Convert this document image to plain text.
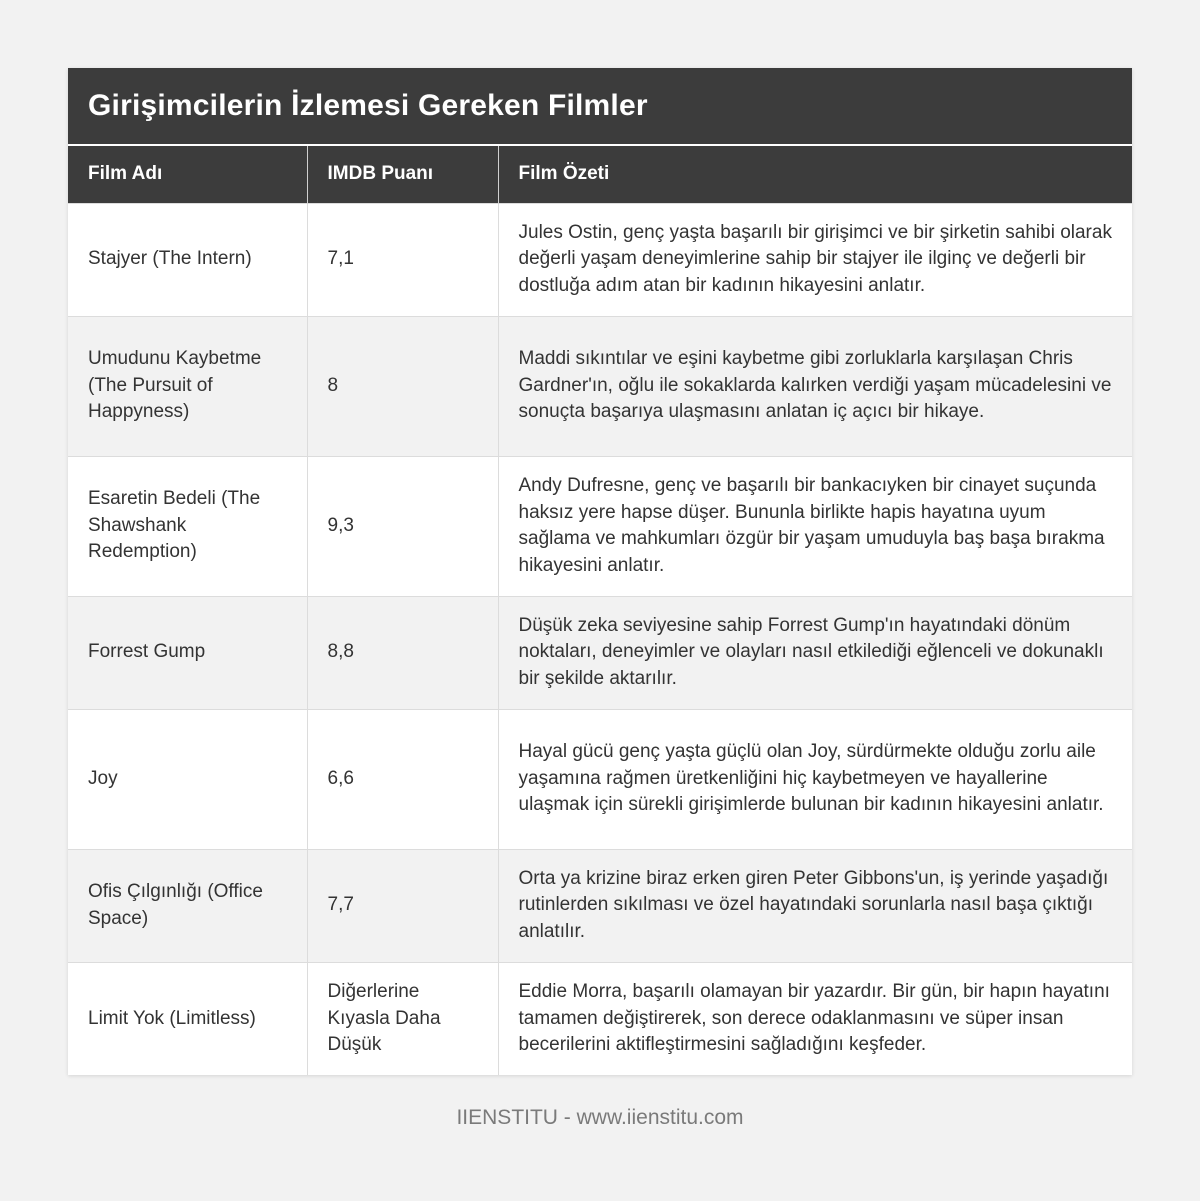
Girişimcilerin İzlemesi Gereken Filmler
Film Adı	IMDB Puanı	Film Özeti
Stajyer (The Intern)	7,1	Jules Ostin, genç yaşta başarılı bir girişimci ve bir şirketin sahibi olarak değerli yaşam deneyimlerine sahip bir stajyer ile ilginç ve değerli bir dostluğa adım atan bir kadının hikayesini anlatır.
Umudunu Kaybetme (The Pursuit of Happyness)	8	Maddi sıkıntılar ve eşini kaybetme gibi zorluklarla karşılaşan Chris Gardner'ın, oğlu ile sokaklarda kalırken verdiği yaşam mücadelesini ve sonuçta başarıya ulaşmasını anlatan iç açıcı bir hikaye.
Esaretin Bedeli (The Shawshank Redemption)	9,3	Andy Dufresne, genç ve başarılı bir bankacıyken bir cinayet suçunda haksız yere hapse düşer. Bununla birlikte hapis hayatına uyum sağlama ve mahkumları özgür bir yaşam umuduyla baş başa bırakma hikayesini anlatır.
Forrest Gump	8,8	Düşük zeka seviyesine sahip Forrest Gump'ın hayatındaki dönüm noktaları, deneyimler ve olayları nasıl etkilediği eğlenceli ve dokunaklı bir şekilde aktarılır.
Joy	6,6	Hayal gücü genç yaşta güçlü olan Joy, sürdürmekte olduğu zorlu aile yaşamına rağmen üretkenliğini hiç kaybetmeyen ve hayallerine ulaşmak için sürekli girişimlerde bulunan bir kadının hikayesini anlatır.
Ofis Çılgınlığı (Office Space)	7,7	Orta ya krizine biraz erken giren Peter Gibbons'un, iş yerinde yaşadığı rutinlerden sıkılması ve özel hayatındaki sorunlarla nasıl başa çıktığı anlatılır.
Limit Yok (Limitless)	Diğerlerine Kıyasla Daha Düşük	Eddie Morra, başarılı olamayan bir yazardır. Bir gün, bir hapın hayatını tamamen değiştirerek, son derece odaklanmasını ve süper insan becerilerini aktifleştirmesini sağladığını keşfeder.
IIENSTITU - www.iienstitu.com
